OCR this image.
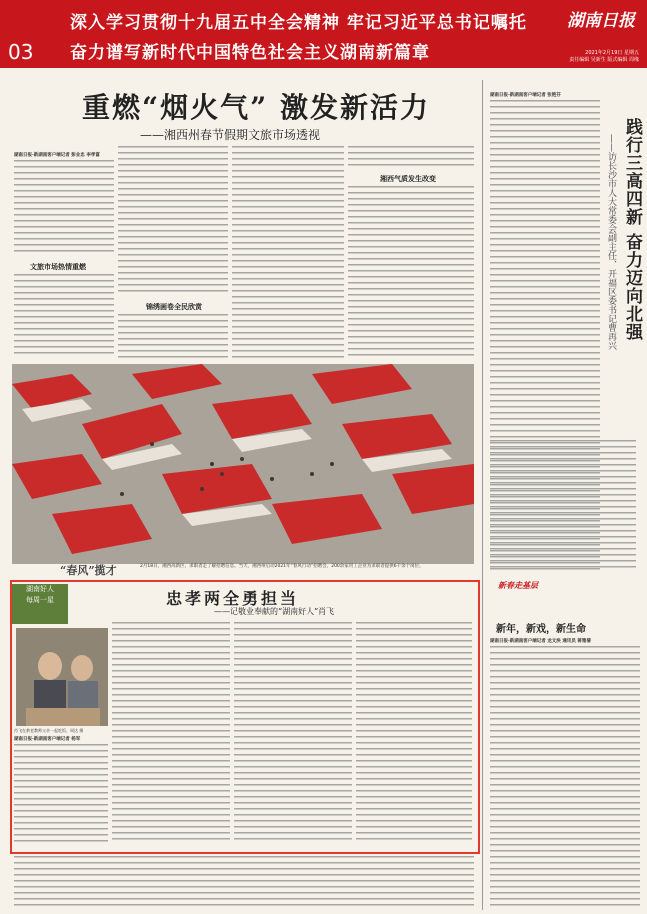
03
深入学习贯彻十九届五中全会精神 牢记习近平总书记嘱托
奋力谱写新时代中国特色社会主义湖南新篇章
湖南日报
2021年2月19日 星期五
责任编辑 吴新生 版式编辑 周缘
重燃“烟火气” 激发新活力
——湘西州春节假期文旅市场透视
湖南日报·新湖南客户端记者 彭业忠 李孝富
文旅市场热情重燃
锦绣画卷全民欣赏
湘西气质发生改变
“春风”揽才	2月18日，湘西高新区，求职者走了解招聘信息。当天，湘西州启动2021年“春风行动”招聘会，200余家用工企业为求职者提供6千余个岗位。
湖南日报·新湖南客户端记者 张艳芬
践行三高四新 奋力迈向北强
——访长沙市人大常委会副主任、开福区委书记曹再兴
湖南好人
每周一星	忠孝两全勇担当
——记敬业奉献的“湖南好人”肖飞
肖飞在救老教师父亲一起吃饭。周达 摄
湖南日报·新湖南客户端记者 杨军
新春走基层
新年，新戏，新生命
湖南日报·新湖南客户端记者 龙文泱 通讯员 蒋雅倩
